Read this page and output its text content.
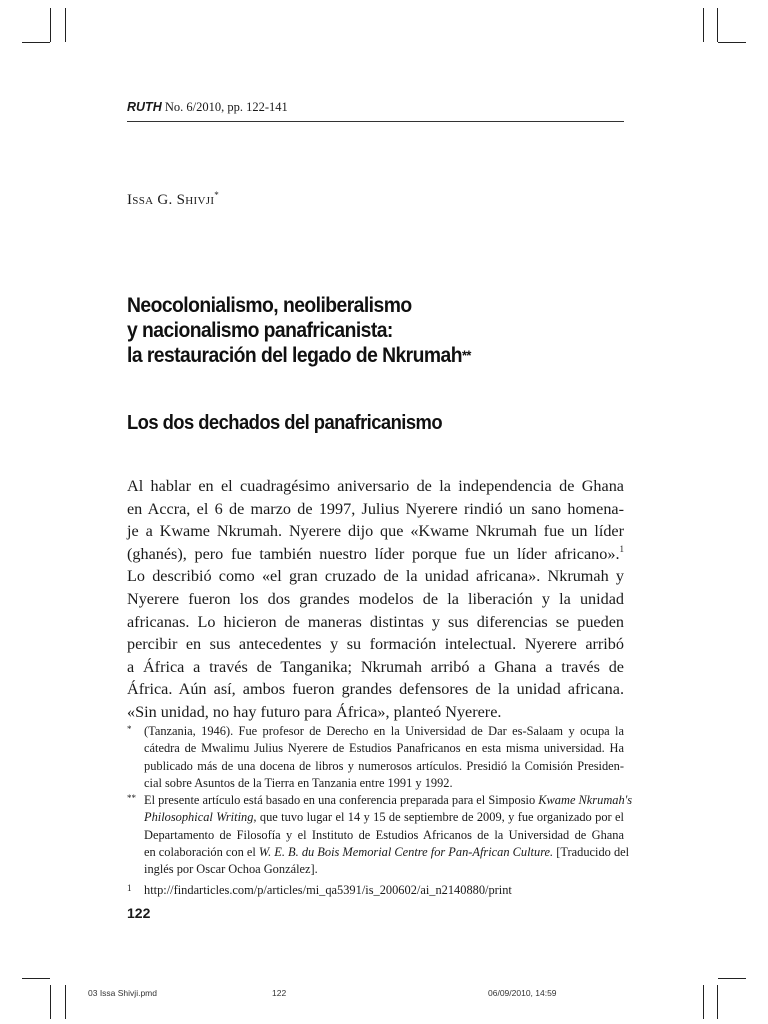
RUTH No. 6/2010, pp. 122-141
Issa G. Shivji*
Neocolonialismo, neoliberalismo
y nacionalismo panafricanista:
la restauración del legado de Nkrumah**
Los dos dechados del panafricanismo
Al hablar en el cuadragésimo aniversario de la independencia de Ghana
en Accra, el 6 de marzo de 1997, Julius Nyerere rindió un sano homena-
je a Kwame Nkrumah. Nyerere dijo que «Kwame Nkrumah fue un líder
(ghanés), pero fue también nuestro líder porque fue un líder africano».$^1$
Lo describió como «el gran cruzado de la unidad africana». Nkrumah y
Nyerere fueron los dos grandes modelos de la liberación y la unidad
africanas. Lo hicieron de maneras distintas y sus diferencias se pueden
percibir en sus antecedentes y su formación intelectual. Nyerere arribó
a África a través de Tanganika; Nkrumah arribó a Ghana a través de
África. Aún así, ambos fueron grandes defensores de la unidad africana.
«Sin unidad, no hay futuro para África», planteó Nyerere.
* (Tanzania, 1946). Fue profesor de Derecho en la Universidad de Dar es-Salaam y ocupa la
cátedra de Mwalimu Julius Nyerere de Estudios Panafricanos en esta misma universidad. Ha
publicado más de una docena de libros y numerosos artículos. Presidió la Comisión Presiden-
cial sobre Asuntos de la Tierra en Tanzania entre 1991 y 1992.
** El presente artículo está basado en una conferencia preparada para el Simposio Kwame Nkrumah's
Philosophical Writing, que tuvo lugar el 14 y 15 de septiembre de 2009, y fue organizado por el
Departamento de Filosofía y el Instituto de Estudios Africanos de la Universidad de Ghana
en colaboración con el W. E. B. du Bois Memorial Centre for Pan-African Culture. [Traducido del
inglés por Oscar Ochoa González].
1 http://findarticles.com/p/articles/mi_qa5391/is_200602/ai_n2140880/print
122
03 Issa Shivji.pmd	122	06/09/2010, 14:59
